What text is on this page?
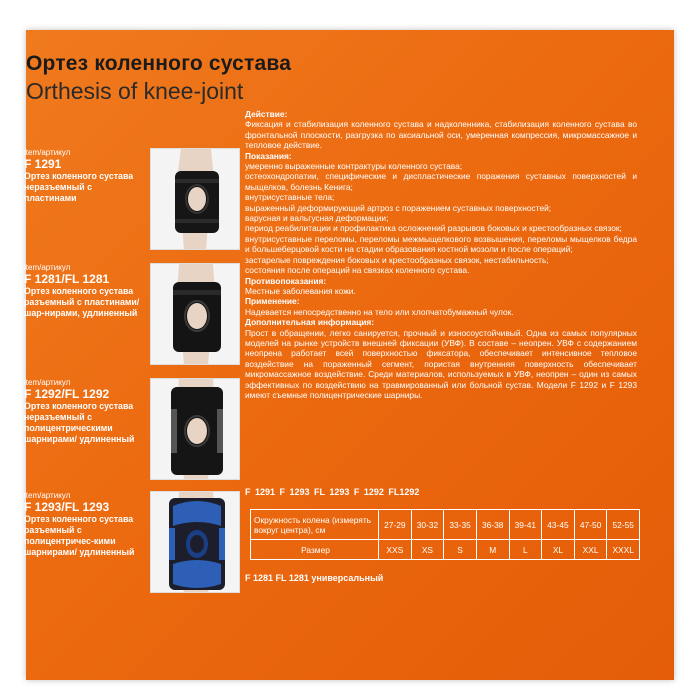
Ортез коленного сустава
Orthesis of knee-joint
item/артикул
F 1291
Ортез коленного сустава неразъемный с пластинами
item/артикул
F 1281/FL 1281
Ортез коленного сустава разъемный с пластинами/шар-нирами, удлиненный
item/артикул
F 1292/FL 1292
Ортез коленного сустава неразъемный с полицентрическими шарнирами/ удлиненный
item/артикул
F 1293/FL 1293
Ортез коленного сустава разъемный с полицентричес-кими шарнирами/ удлиненный
Действие:
Фиксация и стабилизация коленного сустава и надколенника, стабилизация коленного сустава во фронтальной плоскости, разгрузка по аксиальной оси, умеренная компрессия, микромассажное и тепловое действие.
Показания:
умеренно выраженные контрактуры коленного сустава;
остеохондропатии, специфические и диспластические поражения суставных поверхностей и мыщелков, болезнь Кенига;
внутрисуставные тела;
выраженный деформирующий артроз с поражением суставных поверхностей;
варусная и вальгусная деформации;
период реабилитации и профилактика осложнений разрывов боковых и крестообразных связок;
внутрисуставные переломы, переломы межмыщелкового возвышения, переломы мыщелков бедра и большеберцовой кости на стадии образования костной мозоли и после операций;
застарелые повреждения боковых и крестообразных связок, нестабильность;
состояния после операций на связках коленного сустава.
Противопоказания:
Местные заболевания кожи.
Применение:
Надевается непосредственно на тело или хлопчатобумажный чулок.
Дополнительная информация:
Прост в обращении, легко санируется, прочный и износоустойчивый. Одна из самых популярных моделей на рынке устройств внешней фиксации (УВФ). В составе – неопрен. УВФ с содержанием неопрена работает всей поверхностью фиксатора, обеспечивает интенсивное тепловое воздействие на пораженный сегмент, пористая внутренняя поверхность обеспечивает микромассажное воздействие. Среди материалов, используемых в УВФ, неопрен – один из самых эффективных по воздействию на травмированный или больной сустав. Модели F 1292 и F 1293 имеют съемные полицентрические шарниры.
F 1291 F 1293 FL 1293 F 1292 FL1292
Окружность колена (измерять вокруг центра), см	27-29	30-32	33-35	36-38	39-41	43-45	47-50	52-55
Размер	XXS	XS	S	M	L	XL	XXL	XXXL
F 1281 FL 1281 универсальный
